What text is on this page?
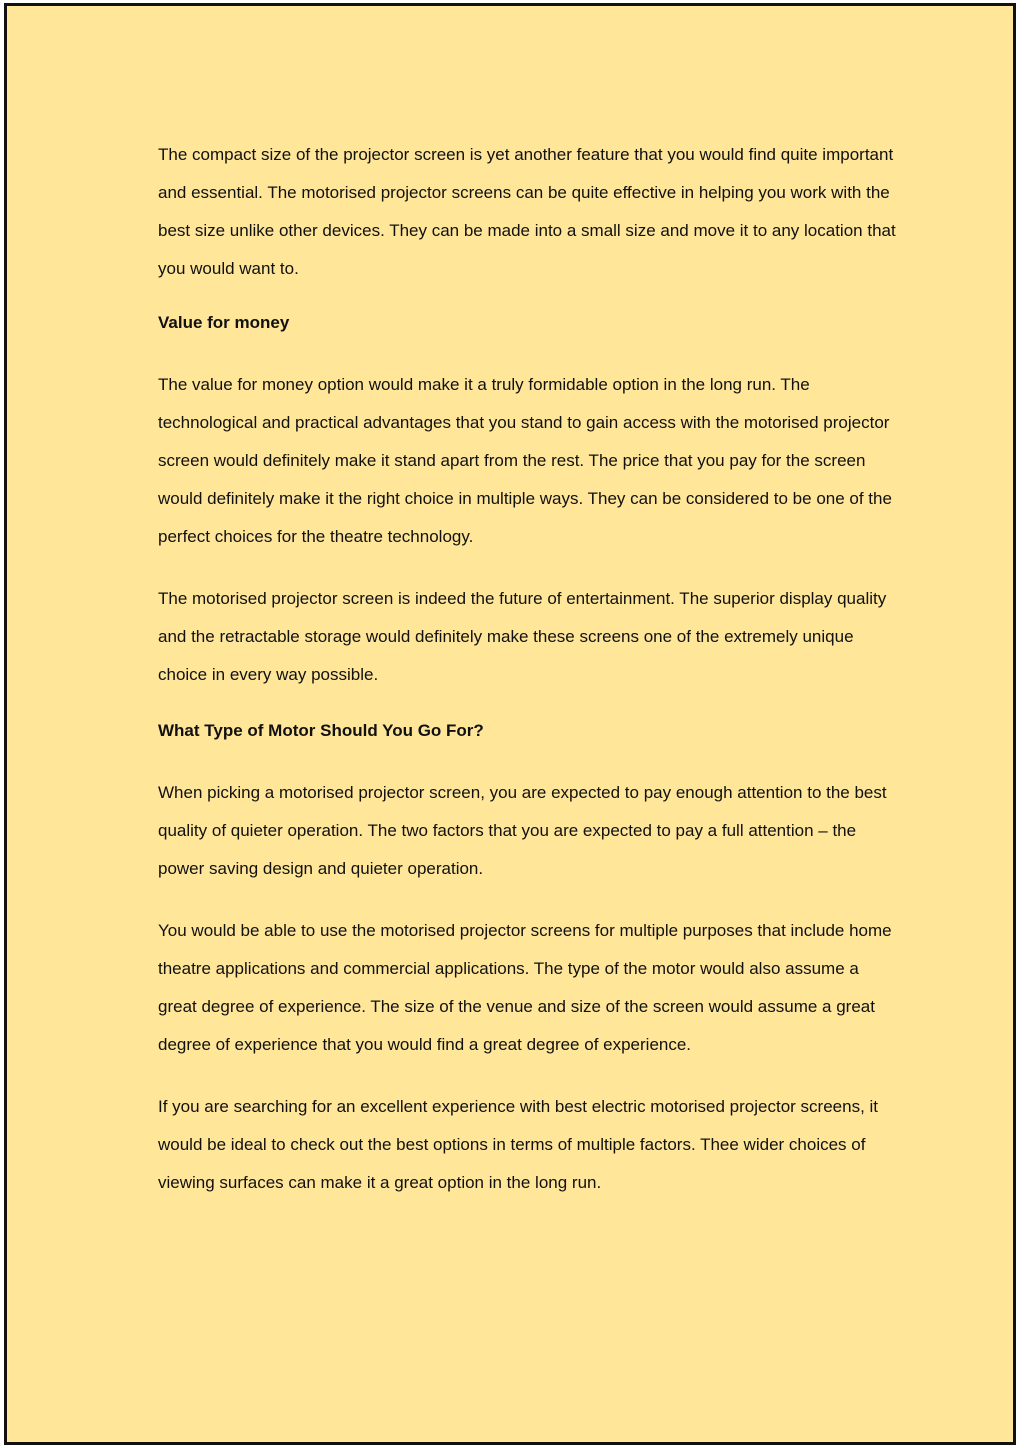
The compact size of the projector screen is yet another feature that you would find quite important and essential. The motorised projector screens can be quite effective in helping you work with the best size unlike other devices. They can be made into a small size and move it to any location that you would want to.

Value for money

The value for money option would make it a truly formidable option in the long run. The technological and practical advantages that you stand to gain access with the motorised projector screen would definitely make it stand apart from the rest. The price that you pay for the screen would definitely make it the right choice in multiple ways. They can be considered to be one of the perfect choices for the theatre technology.

The motorised projector screen is indeed the future of entertainment. The superior display quality and the retractable storage would definitely make these screens one of the extremely unique choice in every way possible.

What Type of Motor Should You Go For?

When picking a motorised projector screen, you are expected to pay enough attention to the best quality of quieter operation. The two factors that you are expected to pay a full attention – the power saving design and quieter operation.

You would be able to use the motorised projector screens for multiple purposes that include home theatre applications and commercial applications. The type of the motor would also assume a great degree of experience. The size of the venue and size of the screen would assume a great degree of experience that you would find a great degree of experience.

If you are searching for an excellent experience with best electric motorised projector screens, it would be ideal to check out the best options in terms of multiple factors. Thee wider choices of viewing surfaces can make it a great option in the long run.
